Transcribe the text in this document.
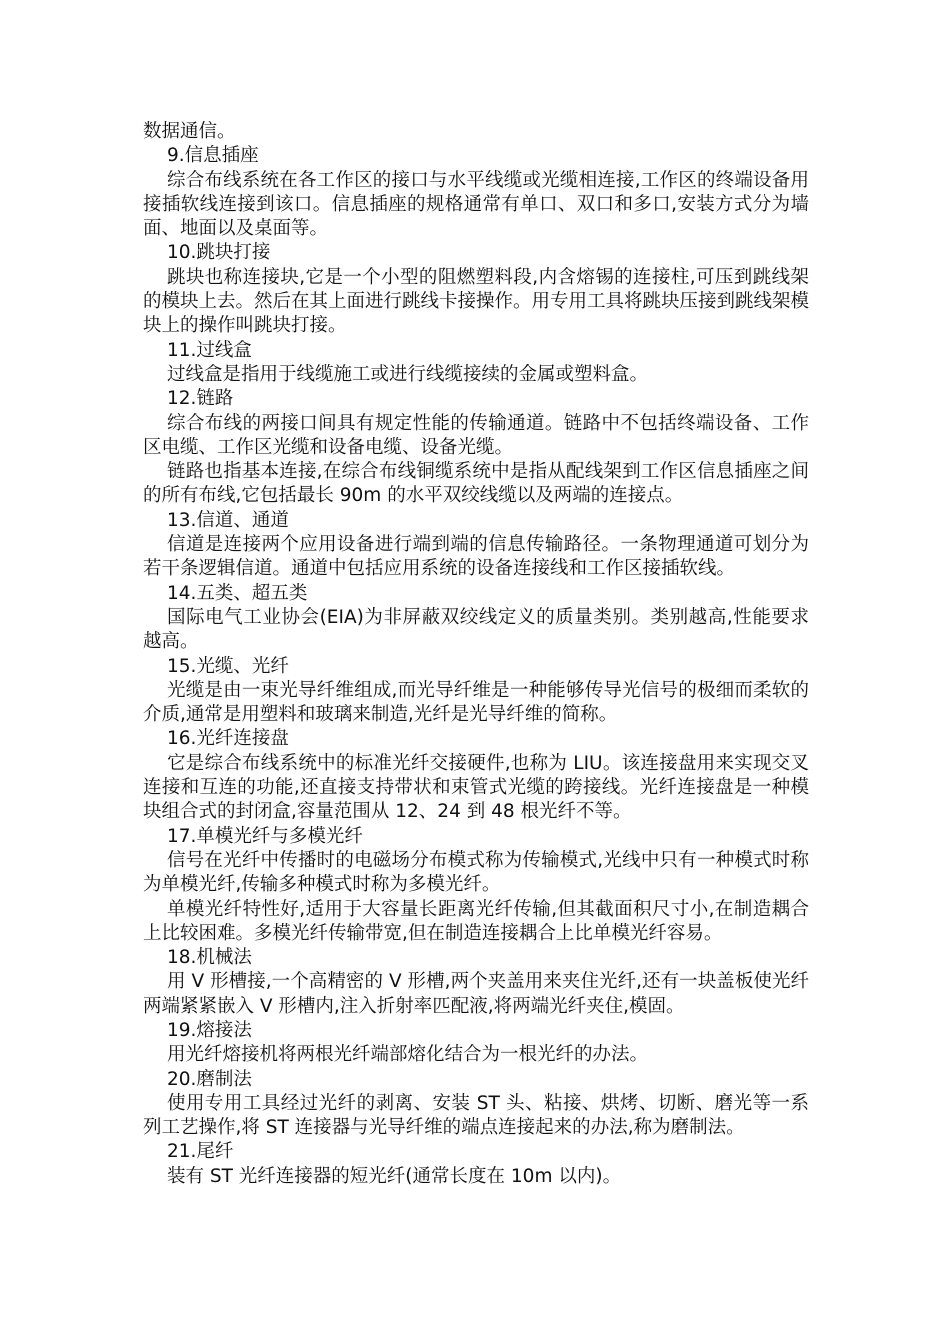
数据通信。

9.信息插座

综合布线系统在各工作区的接口与水平线缆或光缆相连接,工作区的终端设备用接插软线连接到该口。信息插座的规格通常有单口、双口和多口,安装方式分为墙面、地面以及桌面等。

10.跳块打接

跳块也称连接块,它是一个小型的阻燃塑料段,内含熔锡的连接柱,可压到跳线架的模块上去。然后在其上面进行跳线卡接操作。用专用工具将跳块压接到跳线架模块上的操作叫跳块打接。

11.过线盒

过线盒是指用于线缆施工或进行线缆接续的金属或塑料盒。

12.链路

综合布线的两接口间具有规定性能的传输通道。链路中不包括终端设备、工作区电缆、工作区光缆和设备电缆、设备光缆。

链路也指基本连接,在综合布线铜缆系统中是指从配线架到工作区信息插座之间的所有布线,它包括最长 90m 的水平双绞线缆以及两端的连接点。

13.信道、通道

信道是连接两个应用设备进行端到端的信息传输路径。一条物理通道可划分为若干条逻辑信道。通道中包括应用系统的设备连接线和工作区接插软线。

14.五类、超五类

国际电气工业协会(EIA)为非屏蔽双绞线定义的质量类别。类别越高,性能要求越高。

15.光缆、光纤

光缆是由一束光导纤维组成,而光导纤维是一种能够传导光信号的极细而柔软的介质,通常是用塑料和玻璃来制造,光纤是光导纤维的简称。

16.光纤连接盘

它是综合布线系统中的标准光纤交接硬件,也称为 LIU。该连接盘用来实现交叉连接和互连的功能,还直接支持带状和束管式光缆的跨接线。光纤连接盘是一种模块组合式的封闭盒,容量范围从 12、24 到 48 根光纤不等。

17.单模光纤与多模光纤

信号在光纤中传播时的电磁场分布模式称为传输模式,光线中只有一种模式时称为单模光纤,传输多种模式时称为多模光纤。

单模光纤特性好,适用于大容量长距离光纤传输,但其截面积尺寸小,在制造耦合上比较困难。多模光纤传输带宽,但在制造连接耦合上比单模光纤容易。

18.机械法

用 V 形槽接,一个高精密的 V 形槽,两个夹盖用来夹住光纤,还有一块盖板使光纤两端紧紧嵌入 V 形槽内,注入折射率匹配液,将两端光纤夹住,模固。

19.熔接法

用光纤熔接机将两根光纤端部熔化结合为一根光纤的办法。

20.磨制法

使用专用工具经过光纤的剥离、安装 ST 头、粘接、烘烤、切断、磨光等一系列工艺操作,将 ST 连接器与光导纤维的端点连接起来的办法,称为磨制法。

21.尾纤

装有 ST 光纤连接器的短光纤(通常长度在 10m 以内)。
